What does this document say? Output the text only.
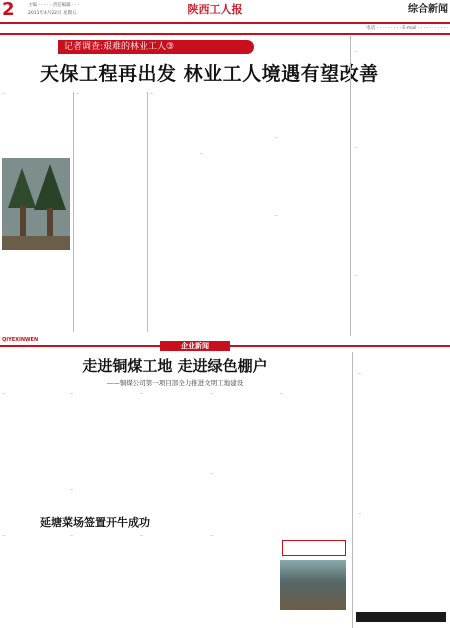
2	主编 · · · · · 责任编辑 · · ·
2011年4月22日 星期五	陕西工人报	综合新闻
电话 · · · · · · · · · E-mail · · · · · · · · · · ·
记者调查:艰难的林业工人③
天保工程再出发 林业工人境遇有望改善
···	···	···
···
···
···
···
···
···
企业新闻
QIYEXINWEN
走进铜煤工地 走进绿色棚户
——铜煤公司第一项目部全力推进文明工地建设
···	···
···
···	···
···
···
延塘菜场签置开牛成功
···	···	···	···
···
···
